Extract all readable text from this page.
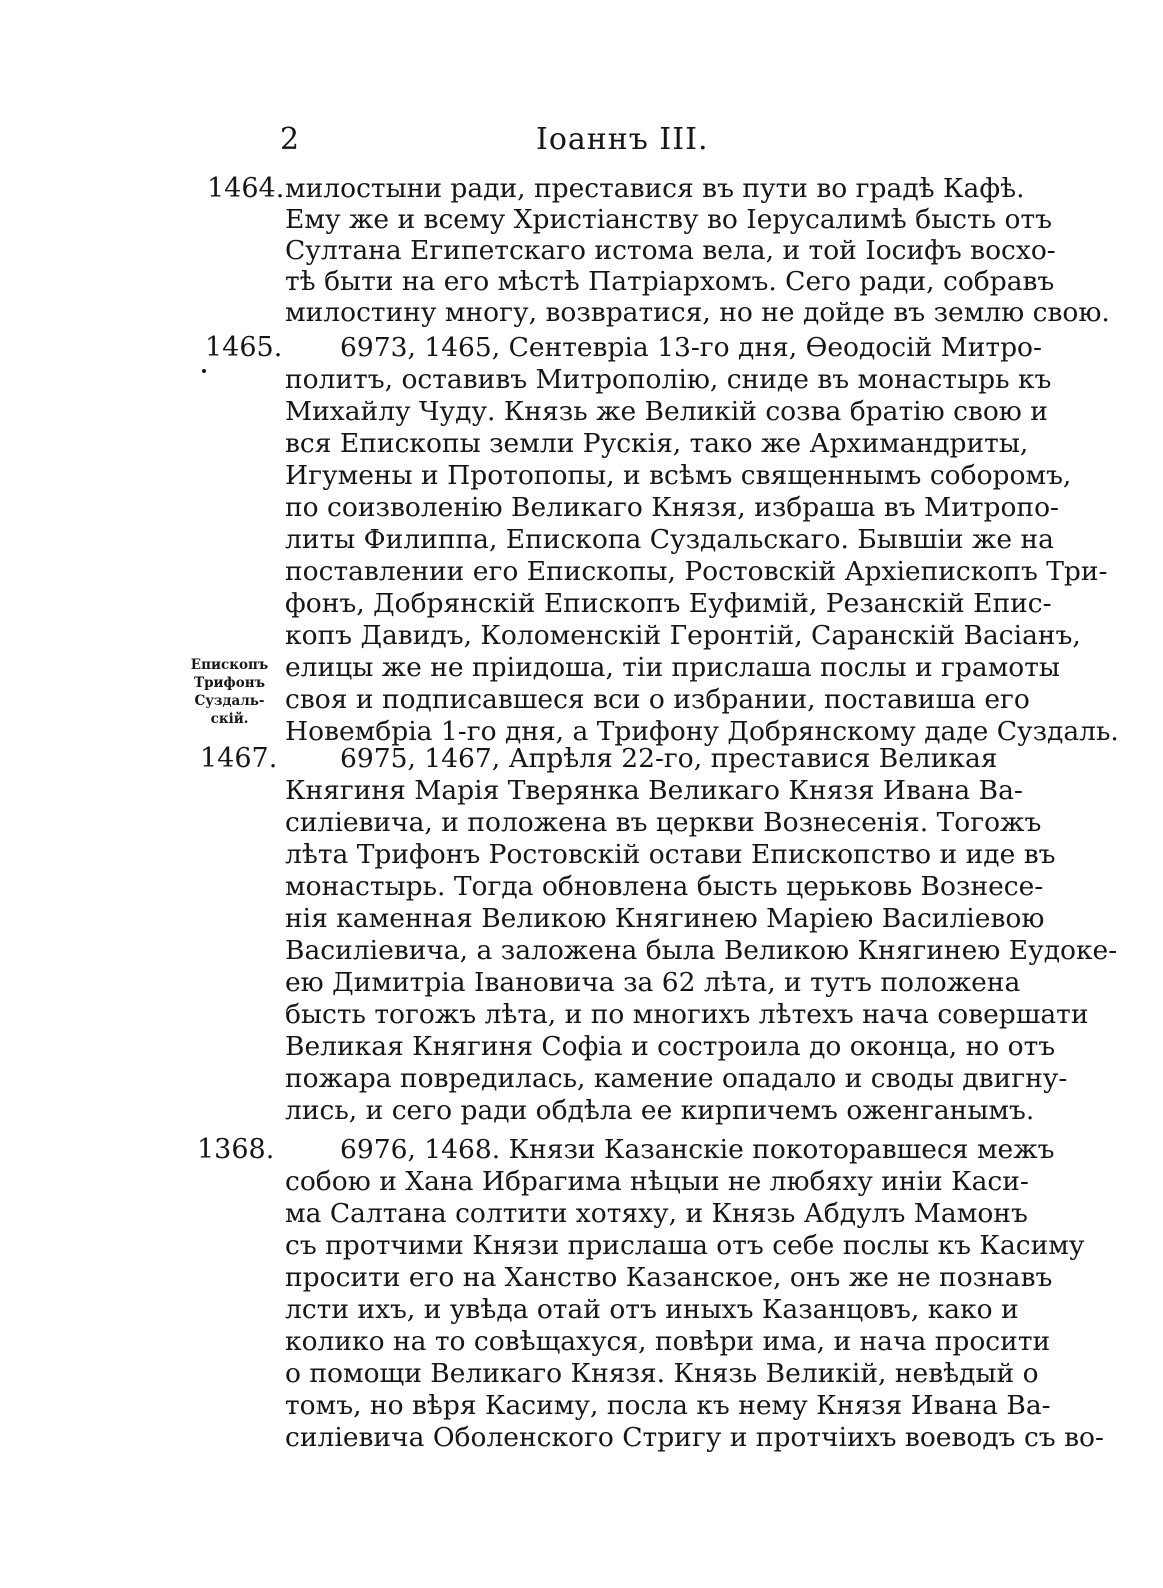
2	Іоаннъ III.
1464. милостыни ради, преставися въ пути во градѣ Кафѣ.
Ему же и всему Христіанству во Іерусалимѣ бысть отъ
Султана Египетскаго истома вела, и той Іосифъ восхо-
тѣ быти на его мѣстѣ Патріархомъ. Сего ради, собравъ
милостину многу, возвратися, но не дойде въ землю свою.
1465.	6973, 1465, Сентевріа 13-го дня, Өеодосій Митро-
политъ, оставивъ Митрополію, сниде въ монастырь къ
Михайлу Чуду. Князь же Великій созва братію свою и
вся Епископы земли Рускія, тако же Архимандриты,
Игумены и Протопопы, и всѣмъ священнымъ соборомъ,
по соизволенію Великаго Князя, избраша въ Митропо-
литы Филиппа, Епископа Суздальскаго. Бывшiи же на
поставлении его Епископы, Ростовскій Архіепископъ Три-
фонъ, Добрянскій Епископъ Еуфимій, Резанскій Епис-
копъ Давидъ, Коломенскій Геронтій, Саранскій Васіанъ,
елицы же не пріидоша, тіи прислаша послы и грамоты
своя и подписавшеся вси о избрании, поставиша его
Новембріа 1-го дня, а Трифону Добрянскому даде Суздаль.
Епископъ
Трифонъ
Суздаль-
скій.
1467.	6975, 1467, Апрѣля 22-го, преставися Великая
Княгиня Марія Тверянка Великаго Князя Ивана Ва-
силіевича, и положена въ церкви Вознесенія. Тогожъ
лѣта Трифонъ Ростовскій остави Епископство и иде въ
монастырь. Тогда обновлена бысть церьковь Вознесе-
нія каменная Великою Княгинею Маріею Василіевою
Василіевича, а заложена была Великою Княгинею Еудоке-
ею Димитріа Івановича за 62 лѣта, и тутъ положена
бысть тогожъ лѣта, и по многихъ лѣтехъ нача совершати
Великая Княгиня Софіа и состроила до оконца, но отъ
пожара повредилась, камение опадало и своды двигну-
лись, и сего ради обдѣла ее кирпичемъ оженганымъ.
1368.	6976, 1468. Князи Казанскіе покоторавшеся межъ
собою и Хана Ибрагима нѣцыи не любяху иніи Каси-
ма Салтана солтити хотяху, и Князь Абдулъ Мамонъ
съ протчими Князи прислаша отъ себе послы къ Касиму
просити его на Ханство Казанское, онъ же не познавъ
лсти ихъ, и увѣда отай отъ иныхъ Казанцовъ, како и
колико на то совѣщахуся, повѣри има, и нача просити
о помощи Великаго Князя. Князь Великій, невѣдый о
томъ, но вѣря Касиму, посла къ нему Князя Ивана Ва-
силіевича Оболенского Стригу и протчіихъ воеводъ съ во-
